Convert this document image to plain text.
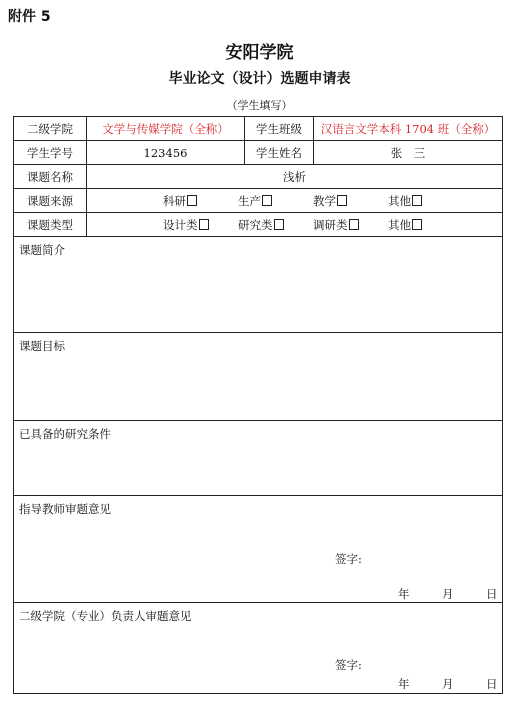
附件 5
安阳学院
毕业论文（设计）选题申请表
（学生填写）
二级学院	文学与传媒学院（全称）	学生班级	汉语言文学本科 1704 班（全称）
学生学号	123456	学生姓名	张　三
课题名称	浅析		
课题来源	科研 生产 教学 其他		

课题类型	设计类 研究类 调研类 其他		

课题简介			

课题目标			

已具备的研究条件			

指导教师审题意见
签字:
年 月 日			

二级学院（专业）负责人审题意见
签字:
年 月 日			
